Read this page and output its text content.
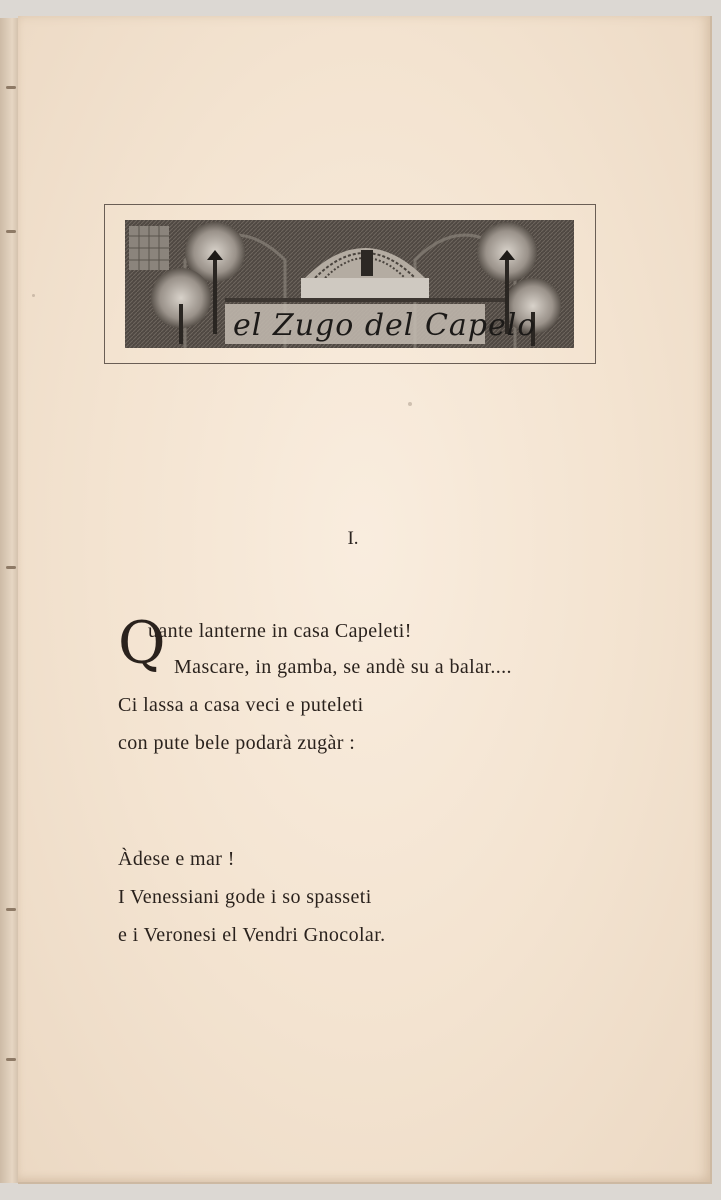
el Zugo del Capelo
I.
Q
uante lanterne in casa Capeleti!
Mascare, in gamba, se andè su a balar....
Ci lassa a casa veci e puteleti
con pute bele podarà zugàr :
Àdese e mar !
I Venessiani gode i so spasseti
e i Veronesi el Vendri Gnocolar.
